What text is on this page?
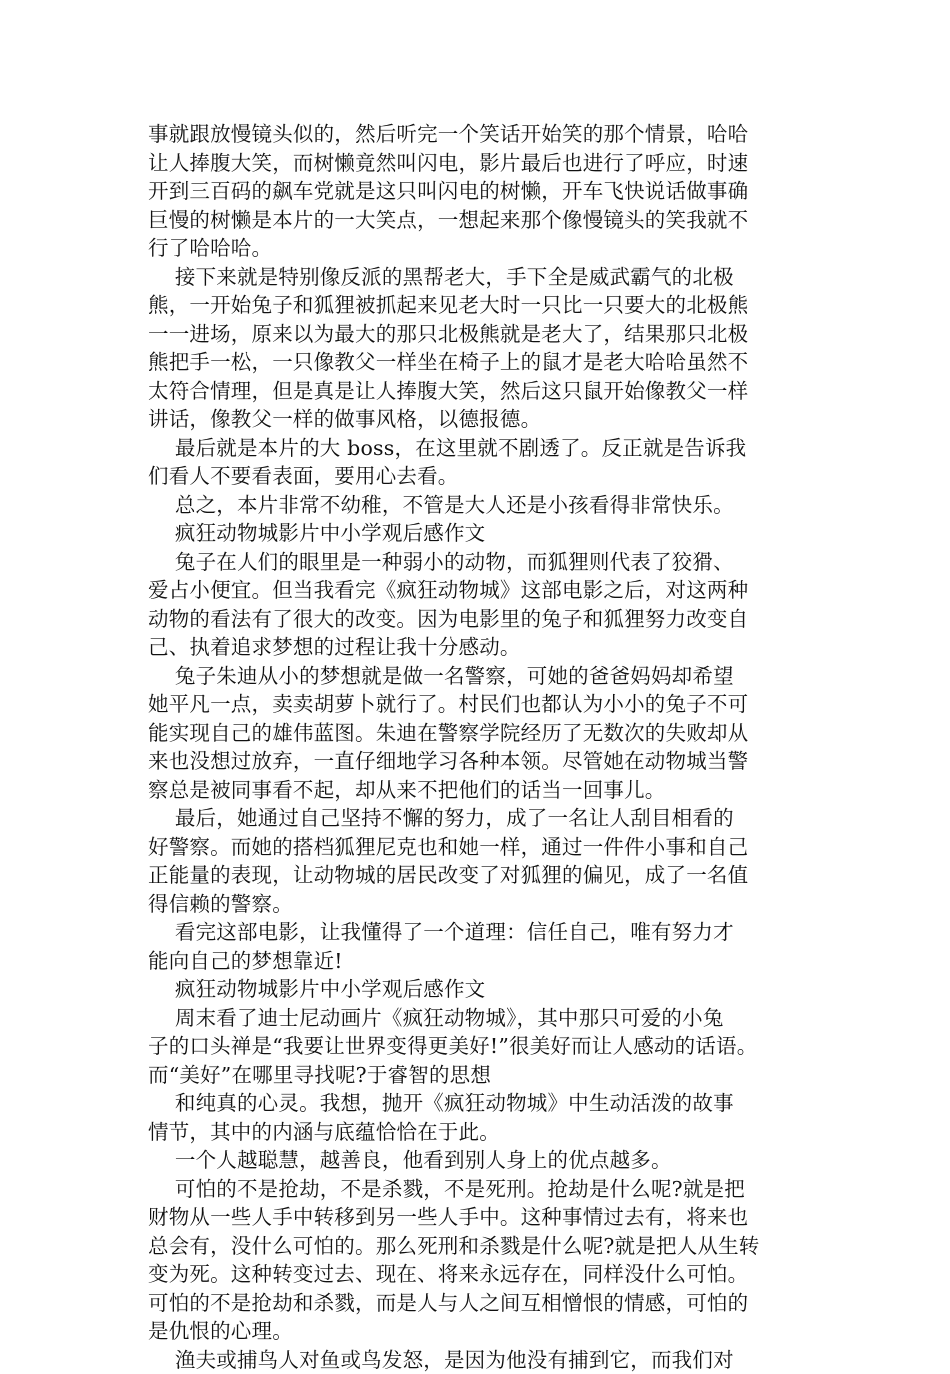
事就跟放慢镜头似的，然后听完一个笑话开始笑的那个情景，哈哈
让人捧腹大笑，而树懒竟然叫闪电，影片最后也进行了呼应，时速
开到三百码的飙车党就是这只叫闪电的树懒，开车飞快说话做事确
巨慢的树懒是本片的一大笑点，一想起来那个像慢镜头的笑我就不
行了哈哈哈。
接下来就是特别像反派的黑帮老大，手下全是威武霸气的北极
熊，一开始兔子和狐狸被抓起来见老大时一只比一只要大的北极熊
一一进场，原来以为最大的那只北极熊就是老大了，结果那只北极
熊把手一松，一只像教父一样坐在椅子上的鼠才是老大哈哈虽然不
太符合情理，但是真是让人捧腹大笑，然后这只鼠开始像教父一样
讲话，像教父一样的做事风格，以德报德。
最后就是本片的大 boss，在这里就不剧透了。反正就是告诉我
们看人不要看表面，要用心去看。
总之，本片非常不幼稚，不管是大人还是小孩看得非常快乐。
疯狂动物城影片中小学观后感作文
兔子在人们的眼里是一种弱小的动物，而狐狸则代表了狡猾、
爱占小便宜。但当我看完《疯狂动物城》这部电影之后，对这两种
动物的看法有了很大的改变。因为电影里的兔子和狐狸努力改变自
己、执着追求梦想的过程让我十分感动。
兔子朱迪从小的梦想就是做一名警察，可她的爸爸妈妈却希望
她平凡一点，卖卖胡萝卜就行了。村民们也都认为小小的兔子不可
能实现自己的雄伟蓝图。朱迪在警察学院经历了无数次的失败却从
来也没想过放弃，一直仔细地学习各种本领。尽管她在动物城当警
察总是被同事看不起，却从来不把他们的话当一回事儿。
最后，她通过自己坚持不懈的努力，成了一名让人刮目相看的
好警察。而她的搭档狐狸尼克也和她一样，通过一件件小事和自己
正能量的表现，让动物城的居民改变了对狐狸的偏见，成了一名值
得信赖的警察。
看完这部电影，让我懂得了一个道理：信任自己，唯有努力才
能向自己的梦想靠近!
疯狂动物城影片中小学观后感作文
周末看了迪士尼动画片《疯狂动物城》，其中那只可爱的小兔
子的口头禅是“我要让世界变得更美好!”很美好而让人感动的话语。
而“美好”在哪里寻找呢?于睿智的思想
和纯真的心灵。我想，抛开《疯狂动物城》中生动活泼的故事
情节，其中的内涵与底蕴恰恰在于此。
一个人越聪慧，越善良，他看到别人身上的优点越多。
可怕的不是抢劫，不是杀戮，不是死刑。抢劫是什么呢?就是把
财物从一些人手中转移到另一些人手中。这种事情过去有，将来也
总会有，没什么可怕的。那么死刑和杀戮是什么呢?就是把人从生转
变为死。这种转变过去、现在、将来永远存在，同样没什么可怕。
可怕的不是抢劫和杀戮，而是人与人之间互相憎恨的情感，可怕的
是仇恨的心理。
渔夫或捕鸟人对鱼或鸟发怒，是因为他没有捕到它，而我们对
